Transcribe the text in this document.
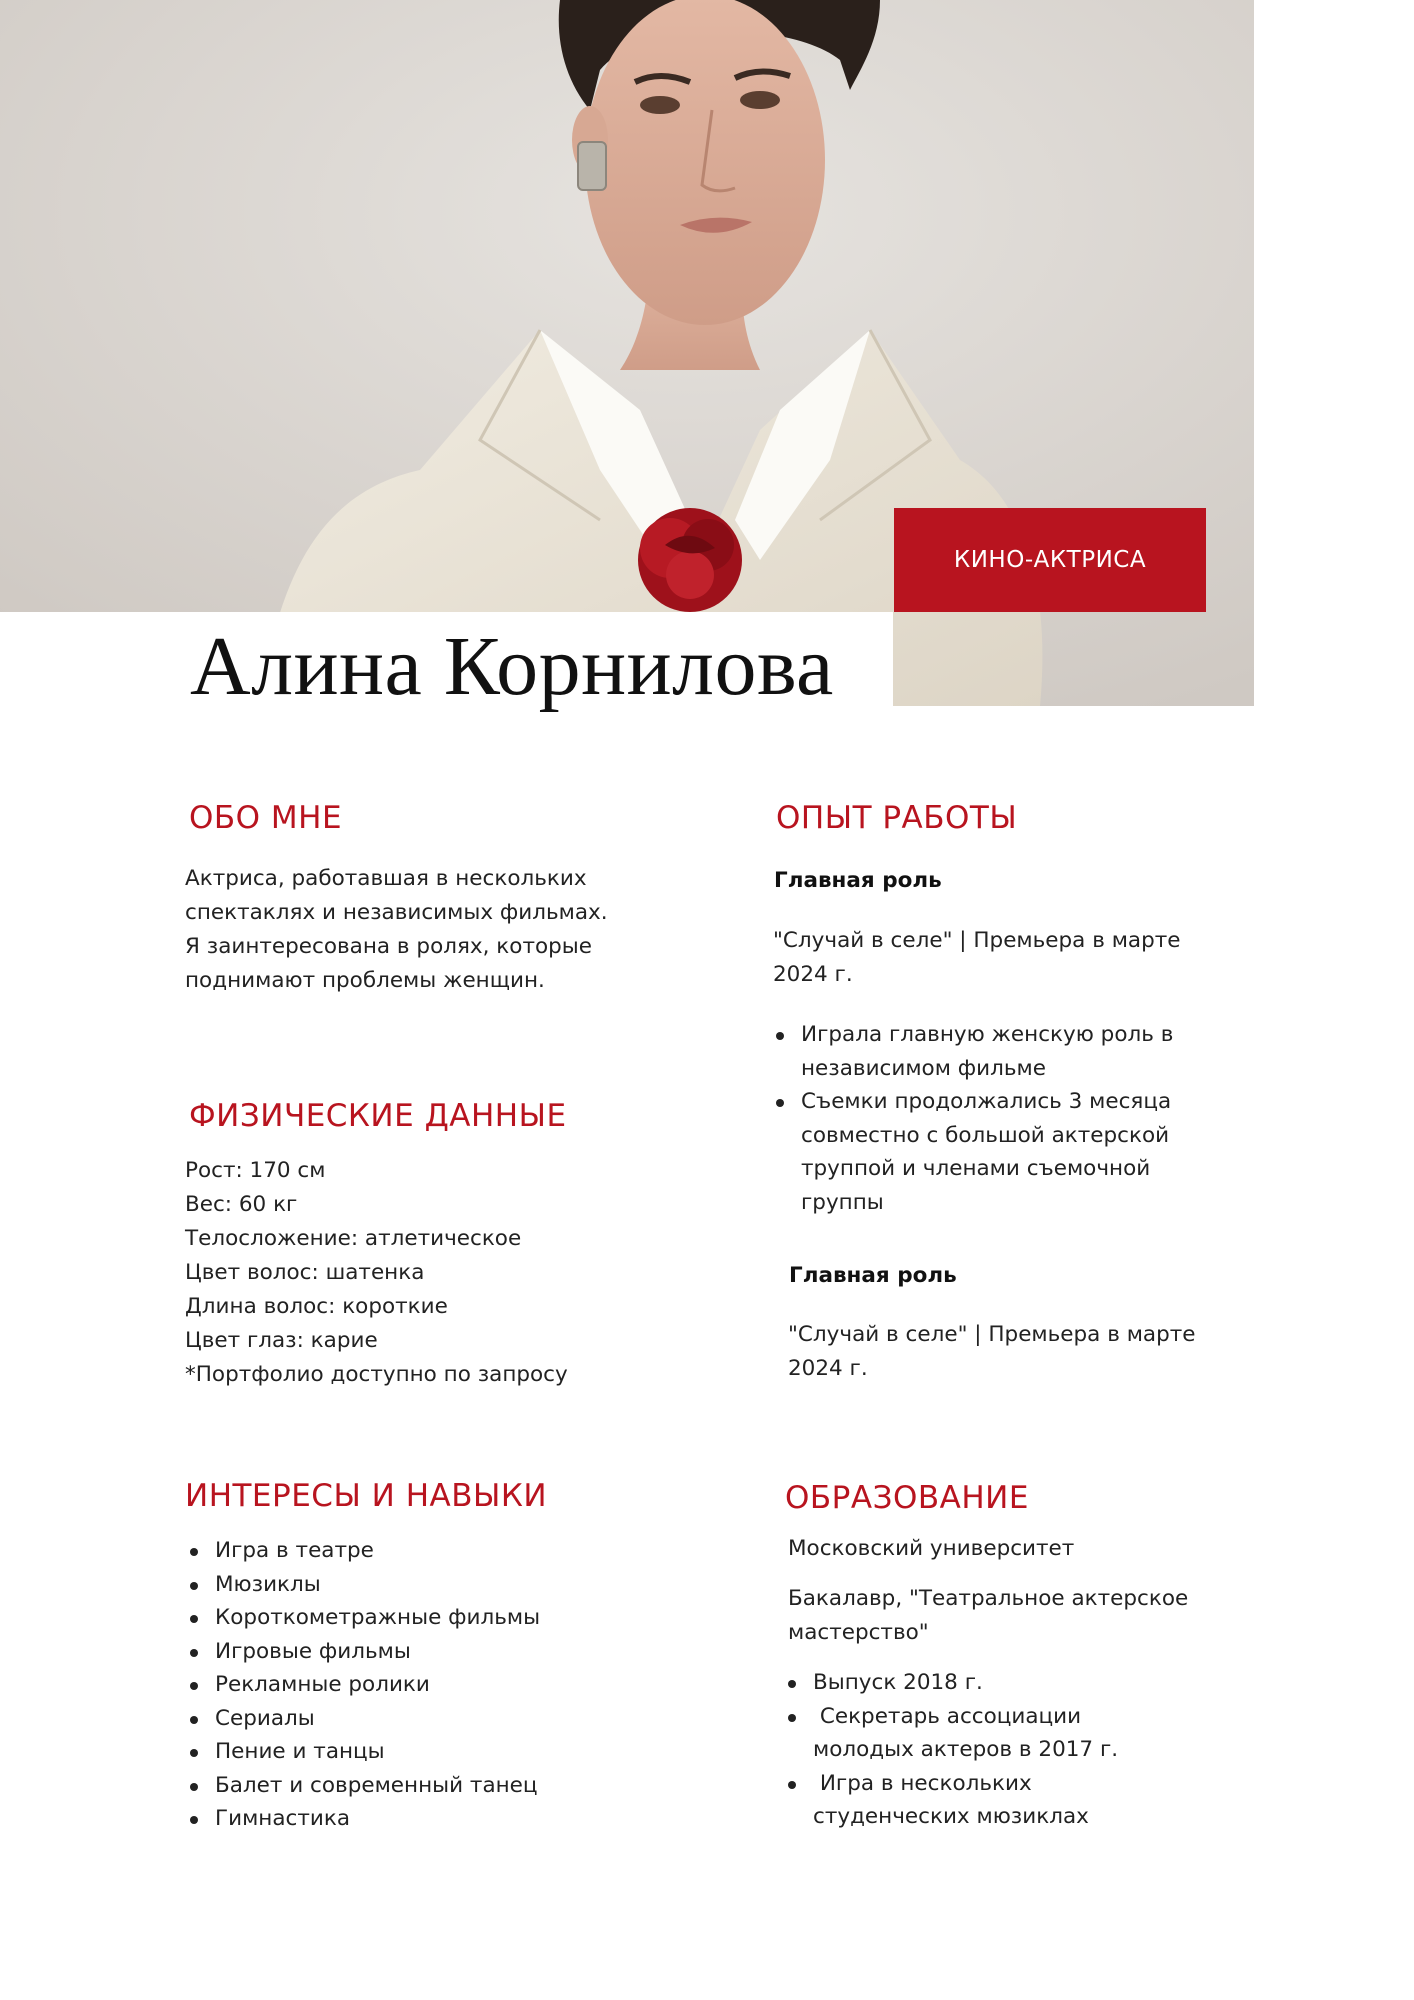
КИНО-АКТРИСА
Алина Корнилова
ОБО МНЕ
Актриса, работавшая в нескольких
спектаклях и независимых фильмах.
Я заинтересована в ролях, которые
поднимают проблемы женщин.
ФИЗИЧЕСКИЕ ДАННЫЕ
Рост: 170 см
Вес: 60 кг
Телосложение: атлетическое
Цвет волос: шатенка
Длина волос: короткие
Цвет глаз: карие
*Портфолио доступно по запросу
ИНТЕРЕСЫ И НАВЫКИ
Игра в театре
Мюзиклы
Короткометражные фильмы
Игровые фильмы
Рекламные ролики
Сериалы
Пение и танцы
Балет и современный танец
Гимнастика
ОПЫТ РАБОТЫ
Главная роль
"Случай в селе" | Премьера в марте
2024 г.
Играла главную женскую роль в
независимом фильме
Съемки продолжались 3 месяца
совместно с большой актерской
труппой и членами съемочной
группы
Главная роль
"Случай в селе" | Премьера в марте
2024 г.
ОБРАЗОВАНИЕ
Московский университет
Бакалавр, "Театральное актерское
мастерство"
Выпуск 2018 г.
Секретарь ассоциации
молодых актеров в 2017 г.
Игра в нескольких
студенческих мюзиклах
